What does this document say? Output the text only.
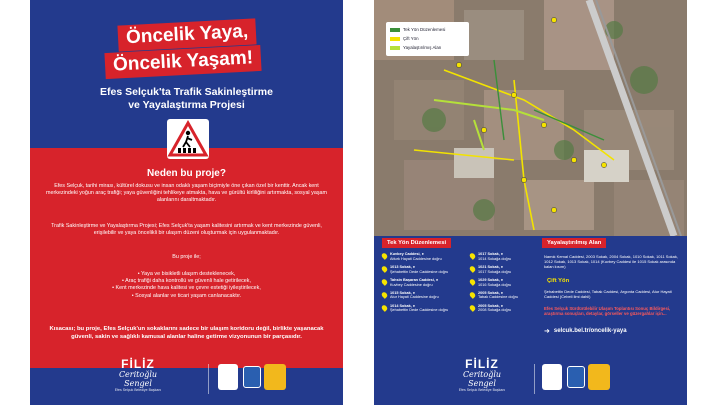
Öncelik Yaya,
Öncelik Yaşam!
Efes Selçuk'ta Trafik Sakinleştirme
ve Yayalaştırma Projesi
Neden bu proje?
Efes Selçuk, tarihi mirası, kültürel dokusu ve insan odaklı yaşam biçimiyle öne çıkan özel bir kenttir. Ancak kent merkezindeki yoğun araç trafiği; yaya güvenliğini tehlikeye atmakta, hava ve gürültü kirliliğini artırmakta, sosyal yaşam alanlarını daraltmaktadır.
Trafik Sakinleştirme ve Yayalaştırma Projesi; Efes Selçuk'ta yaşam kalitesini artırmak ve kent merkezinde güvenli, erişilebilir ve yaya öncelikli bir ulaşım düzeni oluşturmak için uygulanmaktadır.
Bu proje ile;
• Yaya ve bisikletli ulaşım desteklenecek,
• Araç trafiği daha kontrollü ve güvenli hale getirilecek,
• Kent merkezinde hava kalitesi ve çevre estetiği iyileştirilecek,
• Sosyal alanlar ve ticari yaşam canlanacaktır.
Kısacası; bu proje, Efes Selçuk'un sokaklarını sadece bir ulaşım koridoru değil, birlikte yaşanacak güvenli, sakin ve sağlıklı kamusal alanlar haline getirme vizyonunun bir parçasıdır.
FİLİZ
Ceritoğlu Sengel
Efes Selçuk Belediye Başkanı
Tek Yön Düzenlemesi
Çift Yön
Yayalaştırılmış Alan
Tek Yön Düzenlemesi	Yayalaştırılmış Alan
Kuvbey Caddesi, ●
Atturk Hayati Caddesine doğru
1013 Sokak, ●
Şehabettin Dede Caddesine doğru
Tahsin Başaran Caddesi, ●
Kuvbey Caddesine doğru
1015 Sokak, ●
Atur Hayati Caddesine doğru
1014 Sokak, ●
Şehabettin Dede Caddesine doğru
1017 Sokak, ●
1014 Sokağa doğru
1021 Sokak, ●
1017 Sokağa doğru
1029 Sokak, ●
1016 Sokağa doğru
2005 Sokak, ●
Tabak Caddesine doğru
2005 Sokak, ●
2008 Sokağa doğru
Namık Kemal Caddesi, 2003 Sokak, 2004 Sokak, 1010 Sokak, 1011 Sokak, 1012 Sokak, 1013 Sokak, 1014 (Kuvbey Caddesi ile 1015 Sokak arasında kalan kısım)
Çift Yön
Şehabettin Dede Caddesi, Tabak Caddesi, Argonta Caddesi, Atur Hayati Caddesi (Cebeli ilmi dahil)
Efes Selçuk Sürdürülebilir Ulaşım Toplantısı Sonuç Bildirgesi, araştırma sonuçları, detaylar, görseller ve güzergahlar için...
➜ selcuk.bel.tr/oncelik-yaya
FİLİZ
Ceritoğlu Sengel
Efes Selçuk Belediye Başkanı
